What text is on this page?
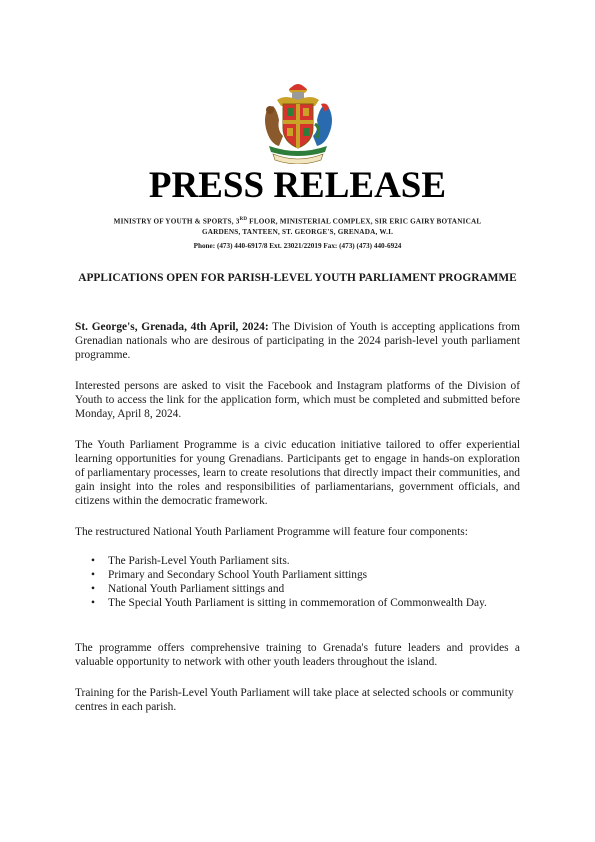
PRESS RELEASE
MINISTRY OF YOUTH & SPORTS, 3RD FLOOR, MINISTERIAL COMPLEX, SIR ERIC GAIRY BOTANICAL
GARDENS, TANTEEN, ST. GEORGE'S, GRENADA, W.I.
Phone: (473) 440-6917/8 Ext. 23021/22019 Fax: (473) (473) 440-6924
APPLICATIONS OPEN FOR PARISH-LEVEL YOUTH PARLIAMENT PROGRAMME
St. George's, Grenada, 4th April, 2024: The Division of Youth is accepting applications from Grenadian nationals who are desirous of participating in the 2024 parish-level youth parliament programme.
Interested persons are asked to visit the Facebook and Instagram platforms of the Division of Youth to access the link for the application form, which must be completed and submitted before Monday, April 8, 2024.
The Youth Parliament Programme is a civic education initiative tailored to offer experiential learning opportunities for young Grenadians. Participants get to engage in hands-on exploration of parliamentary processes, learn to create resolutions that directly impact their communities, and gain insight into the roles and responsibilities of parliamentarians, government officials, and citizens within the democratic framework.
The restructured National Youth Parliament Programme will feature four components:
• The Parish-Level Youth Parliament sits.
• Primary and Secondary School Youth Parliament sittings
• National Youth Parliament sittings and
• The Special Youth Parliament is sitting in commemoration of Commonwealth Day.
The programme offers comprehensive training to Grenada's future leaders and provides a valuable opportunity to network with other youth leaders throughout the island.
Training for the Parish-Level Youth Parliament will take place at selected schools or community centres in each parish.
